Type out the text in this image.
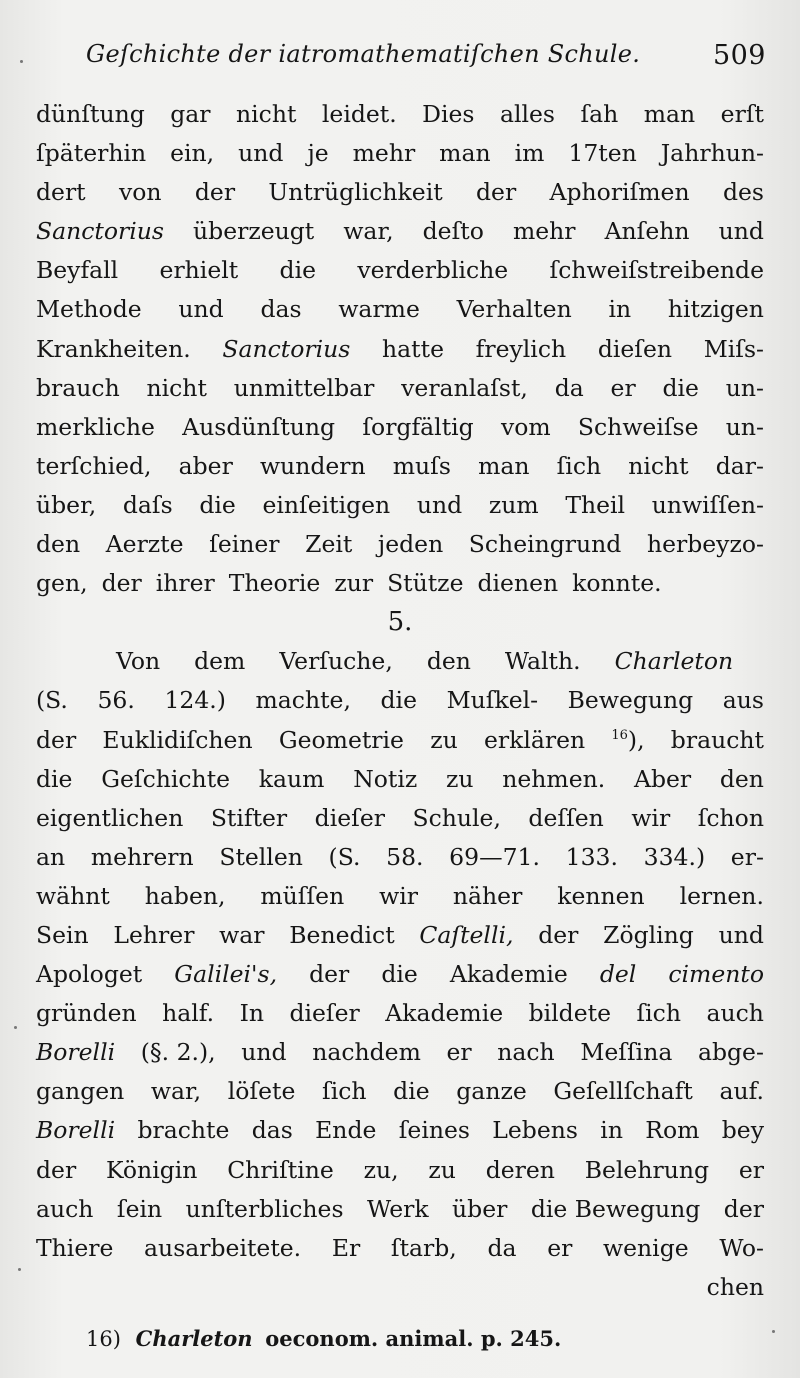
Geſchichte der iatromathematiſchen Schule.	509
dünſtung gar nicht leidet. Dies alles ſah man erſt
ſpäterhin ein, und je mehr man im 17ten Jahrhun-
dert von der Untrüglichkeit der Aphoriſmen des
Sanctorius überzeugt war, deſto mehr Anſehn und
Beyfall erhielt die verderbliche ſchweiſstreibende
Methode und das warme Verhalten in hitzigen
Krankheiten. Sanctorius hatte freylich dieſen Miſs-
brauch nicht unmittelbar veranlaſst, da er die un-
merkliche Ausdünſtung ſorgfältig vom Schweiſse un-
terſchied, aber wundern muſs man ſich nicht dar-
über, daſs die einſeitigen und zum Theil unwiſſen-
den Aerzte ſeiner Zeit jeden Scheingrund herbeyzo-
gen, der ihrer Theorie zur Stütze dienen konnte.
5.
Von dem Verſuche, den Walth. Charleton
(S. 56. 124.) machte, die Muſkel- Bewegung aus
der Euklidiſchen Geometrie zu erklären $^{16}$), braucht
die Geſchichte kaum Notiz zu nehmen. Aber den
eigentlichen Stifter dieſer Schule, deſſen wir ſchon
an mehrern Stellen (S. 58. 69—71. 133. 334.) er-
wähnt haben, müſſen wir näher kennen lernen.
Sein Lehrer war Benedict Caſtelli, der Zögling und
Apologet Galilei's, der die Akademie del cimento
gründen half. In dieſer Akademie bildete ſich auch
Borelli (§. 2.), und nachdem er nach Meſſina abge-
gangen war, löſete ſich die ganze Geſellſchaft auf.
Borelli brachte das Ende ſeines Lebens in Rom bey
der Königin Chriſtine zu, zu deren Belehrung er
auch ſein unſterbliches Werk über die Bewegung der
Thiere ausarbeitete. Er ſtarb, da er wenige Wo-
chen
16) Charleton oeconom. animal. p. 245.
